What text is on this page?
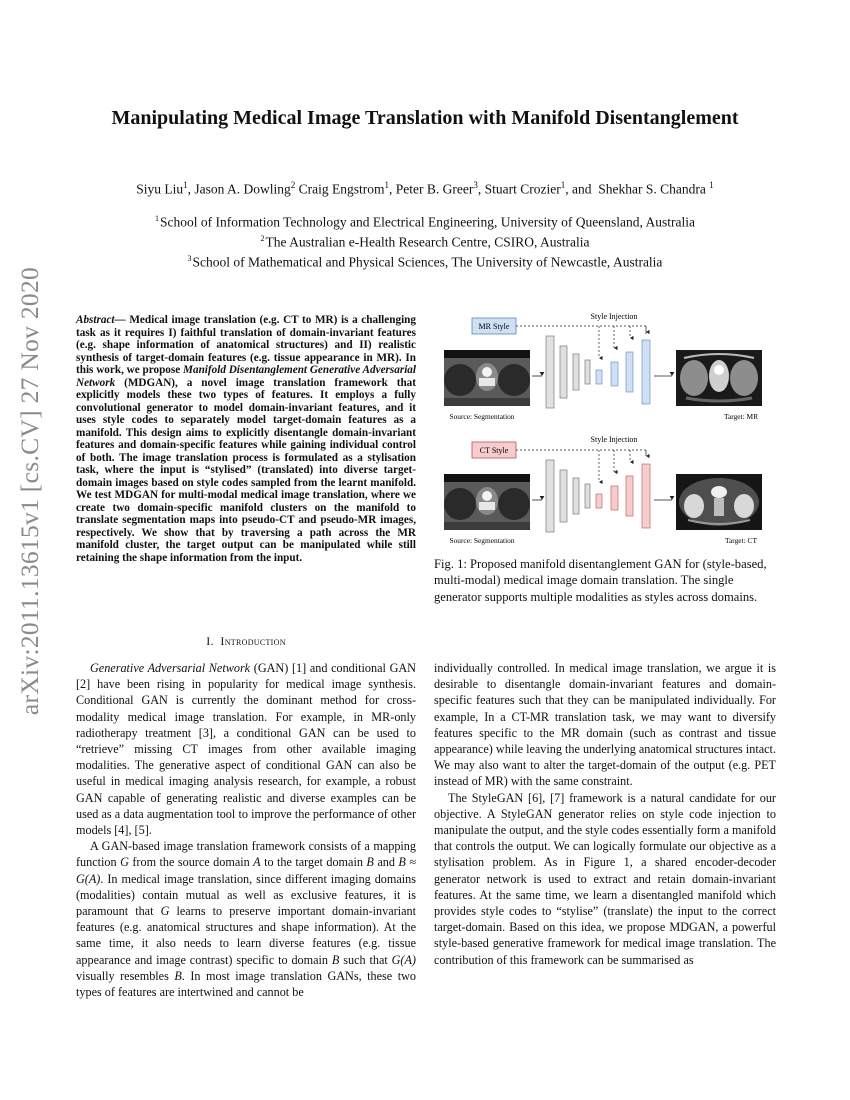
Manipulating Medical Image Translation with Manifold Disentanglement
Siyu Liu$^1$, Jason A. Dowling$^2$ Craig Engstrom$^1$, Peter B. Greer$^3$, Stuart Crozier$^1$, and  Shekhar S. Chandra $^1$
$^1$School of Information Technology and Electrical Engineering, University of Queensland, Australia
$^2$The Australian e-Health Research Centre, CSIRO, Australia
$^3$School of Mathematical and Physical Sciences, The University of Newcastle, Australia
arXiv:2011.13615v1 [cs.CV] 27 Nov 2020	Abstract— Medical image translation (e.g. CT to MR) is a challenging task as it requires I) faithful translation of domain-invariant features (e.g. shape information of anatomical structures) and II) realistic synthesis of target-domain features (e.g. tissue appearance in MR). In this work, we propose Manifold Disentanglement Generative Adversarial Network (MDGAN), a novel image translation framework that explicitly models these two types of features. It employs a fully convolutional generator to model domain-invariant features, and it uses style codes to separately model target-domain features as a manifold. This design aims to explicitly disentangle domain-invariant features and domain-specific features while gaining individual control of both. The image translation process is formulated as a stylisation task, where the input is “stylised” (translated) into diverse target-domain images based on style codes sampled from the learnt manifold. We test MDGAN for multi-modal medical image translation, where we create two domain-specific manifold clusters on the manifold to translate segmentation maps into pseudo-CT and pseudo-MR images, respectively. We show that by traversing a path across the MR manifold cluster, the target output can be manipulated while still retaining the shape information from the input.
I. Introduction

Generative Adversarial Network (GAN) [1] and conditional GAN [2] have been rising in popularity for medical image synthesis. Conditional GAN is currently the dominant method for cross-modality medical image translation. For example, in MR-only radiotherapy treatment [3], a conditional GAN can be used to “retrieve” missing CT images from other available imaging modalities. The generative aspect of conditional GAN can also be useful in medical imaging analysis research, for example, a robust GAN capable of generating realistic and diverse examples can be used as a data augmentation tool to improve the performance of other models [4], [5].

A GAN-based image translation framework consists of a mapping function G from the source domain A to the target domain B and B ≈ G(A). In medical image translation, since different imaging domains (modalities) contain mutual as well as exclusive features, it is paramount that G learns to preserve important domain-invariant features (e.g. anatomical structures and shape information). At the same time, it also needs to learn diverse features (e.g. tissue appearance and image contrast) specific to domain B such that G(A) visually resembles B. In most image translation GANs, these two types of features are intertwined and cannot be

individually controlled. In medical image translation, we argue it is desirable to disentangle domain-invariant features and domain-specific features such that they can be manipulated individually. For example, In a CT-MR translation task, we may want to diversify features specific to the MR domain (such as contrast and tissue appearance) while leaving the underlying anatomical structures intact. We may also want to alter the target-domain of the output (e.g. PET instead of MR) with the same constraint.

The StyleGAN [6], [7] framework is a natural candidate for our objective. A StyleGAN generator relies on style code injection to manipulate the output, and the style codes essentially form a manifold that controls the output. We can logically formulate our objective as a stylisation problem. As in Figure 1, a shared encoder-decoder generator network is used to extract and retain domain-invariant features. At the same time, we learn a disentangled manifold which provides style codes to “stylise” (translate) the input to the correct target-domain. Based on this idea, we propose MDGAN, a powerful style-based generative framework for medical image translation. The contribution of this framework can be summarised as

Style Injection
MR Style
Source: Segmentation	Target: MR
Style Injection
CT Style
Source: Segmentation	Target: CT
Fig. 1: Proposed manifold disentanglement GAN for (style-based, multi-modal) medical image domain translation. The single generator supports multiple modalities as styles across domains.
